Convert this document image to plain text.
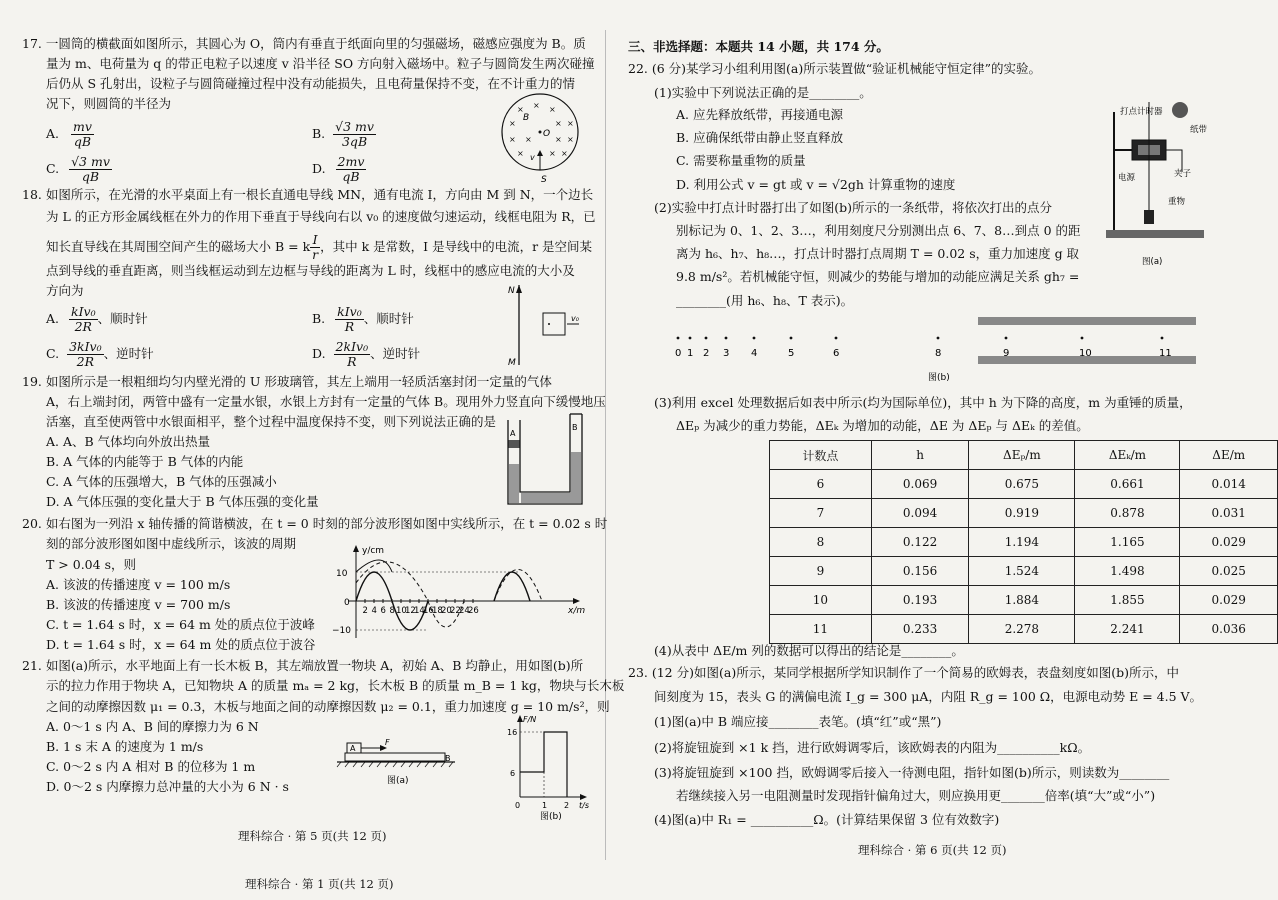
17. 一圆筒的横截面如图所示，其圆心为 O，筒内有垂直于纸面向里的匀强磁场，磁感应强度为 B。质
量为 m、电荷量为 q 的带正电粒子以速度 v 沿半径 SO 方向射入磁场中。粒子与圆筒发生两次碰撞
后仍从 S 孔射出，设粒子与圆筒碰撞过程中没有动能损失，且电荷量保持不变，在不计重力的情
况下，则圆筒的半径为
A. $\frac{mv}{qB}$	B. $\frac{√3 mv}{3qB}$
C. $\frac{√3 mv}{qB}$	D. $\frac{2mv}{qB}$
× × ×
×	× ×
× ×	× ×
×	× ×
B
O
v
S
18. 如图所示，在光滑的水平桌面上有一根长直通电导线 MN，通有电流 I，方向由 M 到 N，一个边长
为 L 的正方形金属线框在外力的作用下垂直于导线向右以 v₀ 的速度做匀速运动，线框电阻为 R，已
知长直导线在其周围空间产生的磁场大小 B = k $\frac{I}{r}$ ，其中 k 是常数，I 是导线中的电流，r 是空间某
点到导线的垂直距离，则当线框运动到左边框与导线的距离为 L 时，线框中的感应电流的大小及
方向为
A. $\frac{\text{kIv₀}}{2R}$ 、顺时针	B. $\frac{\text{kIv₀}}{R}$ 、顺时针
C. $\frac{\text{3kIv₀}}{2R}$ 、逆时针	D. $\frac{\text{2kIv₀}}{R}$ 、逆时针
N
M
v₀
19. 如图所示是一根粗细均匀内壁光滑的 U 形玻璃管，其左上端用一轻质活塞封闭一定量的气体
A，右上端封闭，两管中盛有一定量水银，水银上方封有一定量的气体 B。现用外力竖直向下缓慢地压
活塞，直至使两管中水银面相平，整个过程中温度保持不变，则下列说法正确的是
A. A、B 气体均向外放出热量
B. A 气体的内能等于 B 气体的内能
C. A 气体的压强增大，B 气体的压强减小
D. A 气体压强的变化量大于 B 气体压强的变化量
A
B
20. 如右图为一列沿 x 轴传播的简谐横波，在 t = 0 时刻的部分波形图如图中实线所示，在 t = 0.02 s 时
刻的部分波形图如图中虚线所示，该波的周期
T > 0.04 s，则
A. 该波的传播速度 v = 100 m/s
B. 该波的传播速度 v = 700 m/s
C. t = 1.64 s 时，x = 64 m 处的质点位于波峰
D. t = 1.64 s 时，x = 64 m 处的质点位于波谷
y/cm
x/m
10
0
−10
2 4 6 8 10
12
14
16
18
20
22
24
26
21. 如图(a)所示，水平地面上有一长木板 B，其左端放置一物块 A，初始 A、B 均静止，用如图(b)所
示的拉力作用于物块 A，已知物块 A 的质量 mₐ = 2 kg，长木板 B 的质量 m_B = 1 kg，物块与长木板
之间的动摩擦因数 μ₁ = 0.3，木板与地面之间的动摩擦因数 μ₂ = 0.1，重力加速度 g = 10 m/s²，则
A. 0～1 s 内 A、B 间的摩擦力为 6 N
B. 1 s 末 A 的速度为 1 m/s
C. 0～2 s 内 A 相对 B 的位移为 1 m
D. 0～2 s 内摩擦力总冲量的大小为 6 N · s
A
F
B
图(a)
F/N
t/s
16
6
0	1 2
图(b)
理科综合 · 第 5 页(共 12 页)
理科综合 · 第 1 页(共 12 页)
三、非选择题：本题共 14 小题，共 174 分。
22. (6 分)某学习小组利用图(a)所示装置做“验证机械能守恒定律”的实验。
(1)实验中下列说法正确的是________。
A. 应先释放纸带，再接通电源
B. 应确保纸带由静止竖直释放
C. 需要称量重物的质量
D. 利用公式 v = gt 或 v = √2gh 计算重物的速度
(2)实验中打点计时器打出了如图(b)所示的一条纸带，将依次打出的点分
别标记为 0、1、2、3…，利用刻度尺分别测出点 6、7、8…到点 0 的距
离为 h₆、h₇、h₈…，打点计时器打点周期 T = 0.02 s，重力加速度 g 取
9.8 m/s²。若机械能守恒，则减少的势能与增加的动能应满足关系 gh₇ =
________(用 h₆、h₈、T 表示)。
打点计时器
纸带
电源	夹子
重物
图(a)
0 1 2 3 4	5	6	8	9	10	11
图(b)
(3)利用 excel 处理数据后如表中所示(均为国际单位)，其中 h 为下降的高度，m 为重锤的质量，
ΔEₚ 为减少的重力势能，ΔEₖ 为增加的动能，ΔE 为 ΔEₚ 与 ΔEₖ 的差值。
计数点	h	ΔEₚ/m	ΔEₖ/m	ΔE/m
6	0.069	0.675	0.661	0.014
7	0.094	0.919	0.878	0.031
8	0.122	1.194	1.165	0.029
9	0.156	1.524	1.498	0.025
10	0.193	1.884	1.855	0.029
11	0.233	2.278	2.241	0.036
(4)从表中 ΔE/m 列的数据可以得出的结论是________。
23. (12 分)如图(a)所示，某同学根据所学知识制作了一个简易的欧姆表，表盘刻度如图(b)所示，中
间刻度为 15，表头 G 的满偏电流 I_g = 300 μA，内阻 R_g = 100 Ω，电源电动势 E = 4.5 V。
(1)图(a)中 B 端应接________表笔。(填“红”或“黑”)
(2)将旋钮旋到 ×1 k 挡，进行欧姆调零后，该欧姆表的内阻为__________kΩ。
(3)将旋钮旋到 ×100 挡，欧姆调零后接入一待测电阻，指针如图(b)所示，则读数为________
若继续接入另一电阻测量时发现指针偏角过大，则应换用更_______倍率(填“大”或“小”)
(4)图(a)中 R₁ = __________Ω。(计算结果保留 3 位有效数字)
理科综合 · 第 6 页(共 12 页)
